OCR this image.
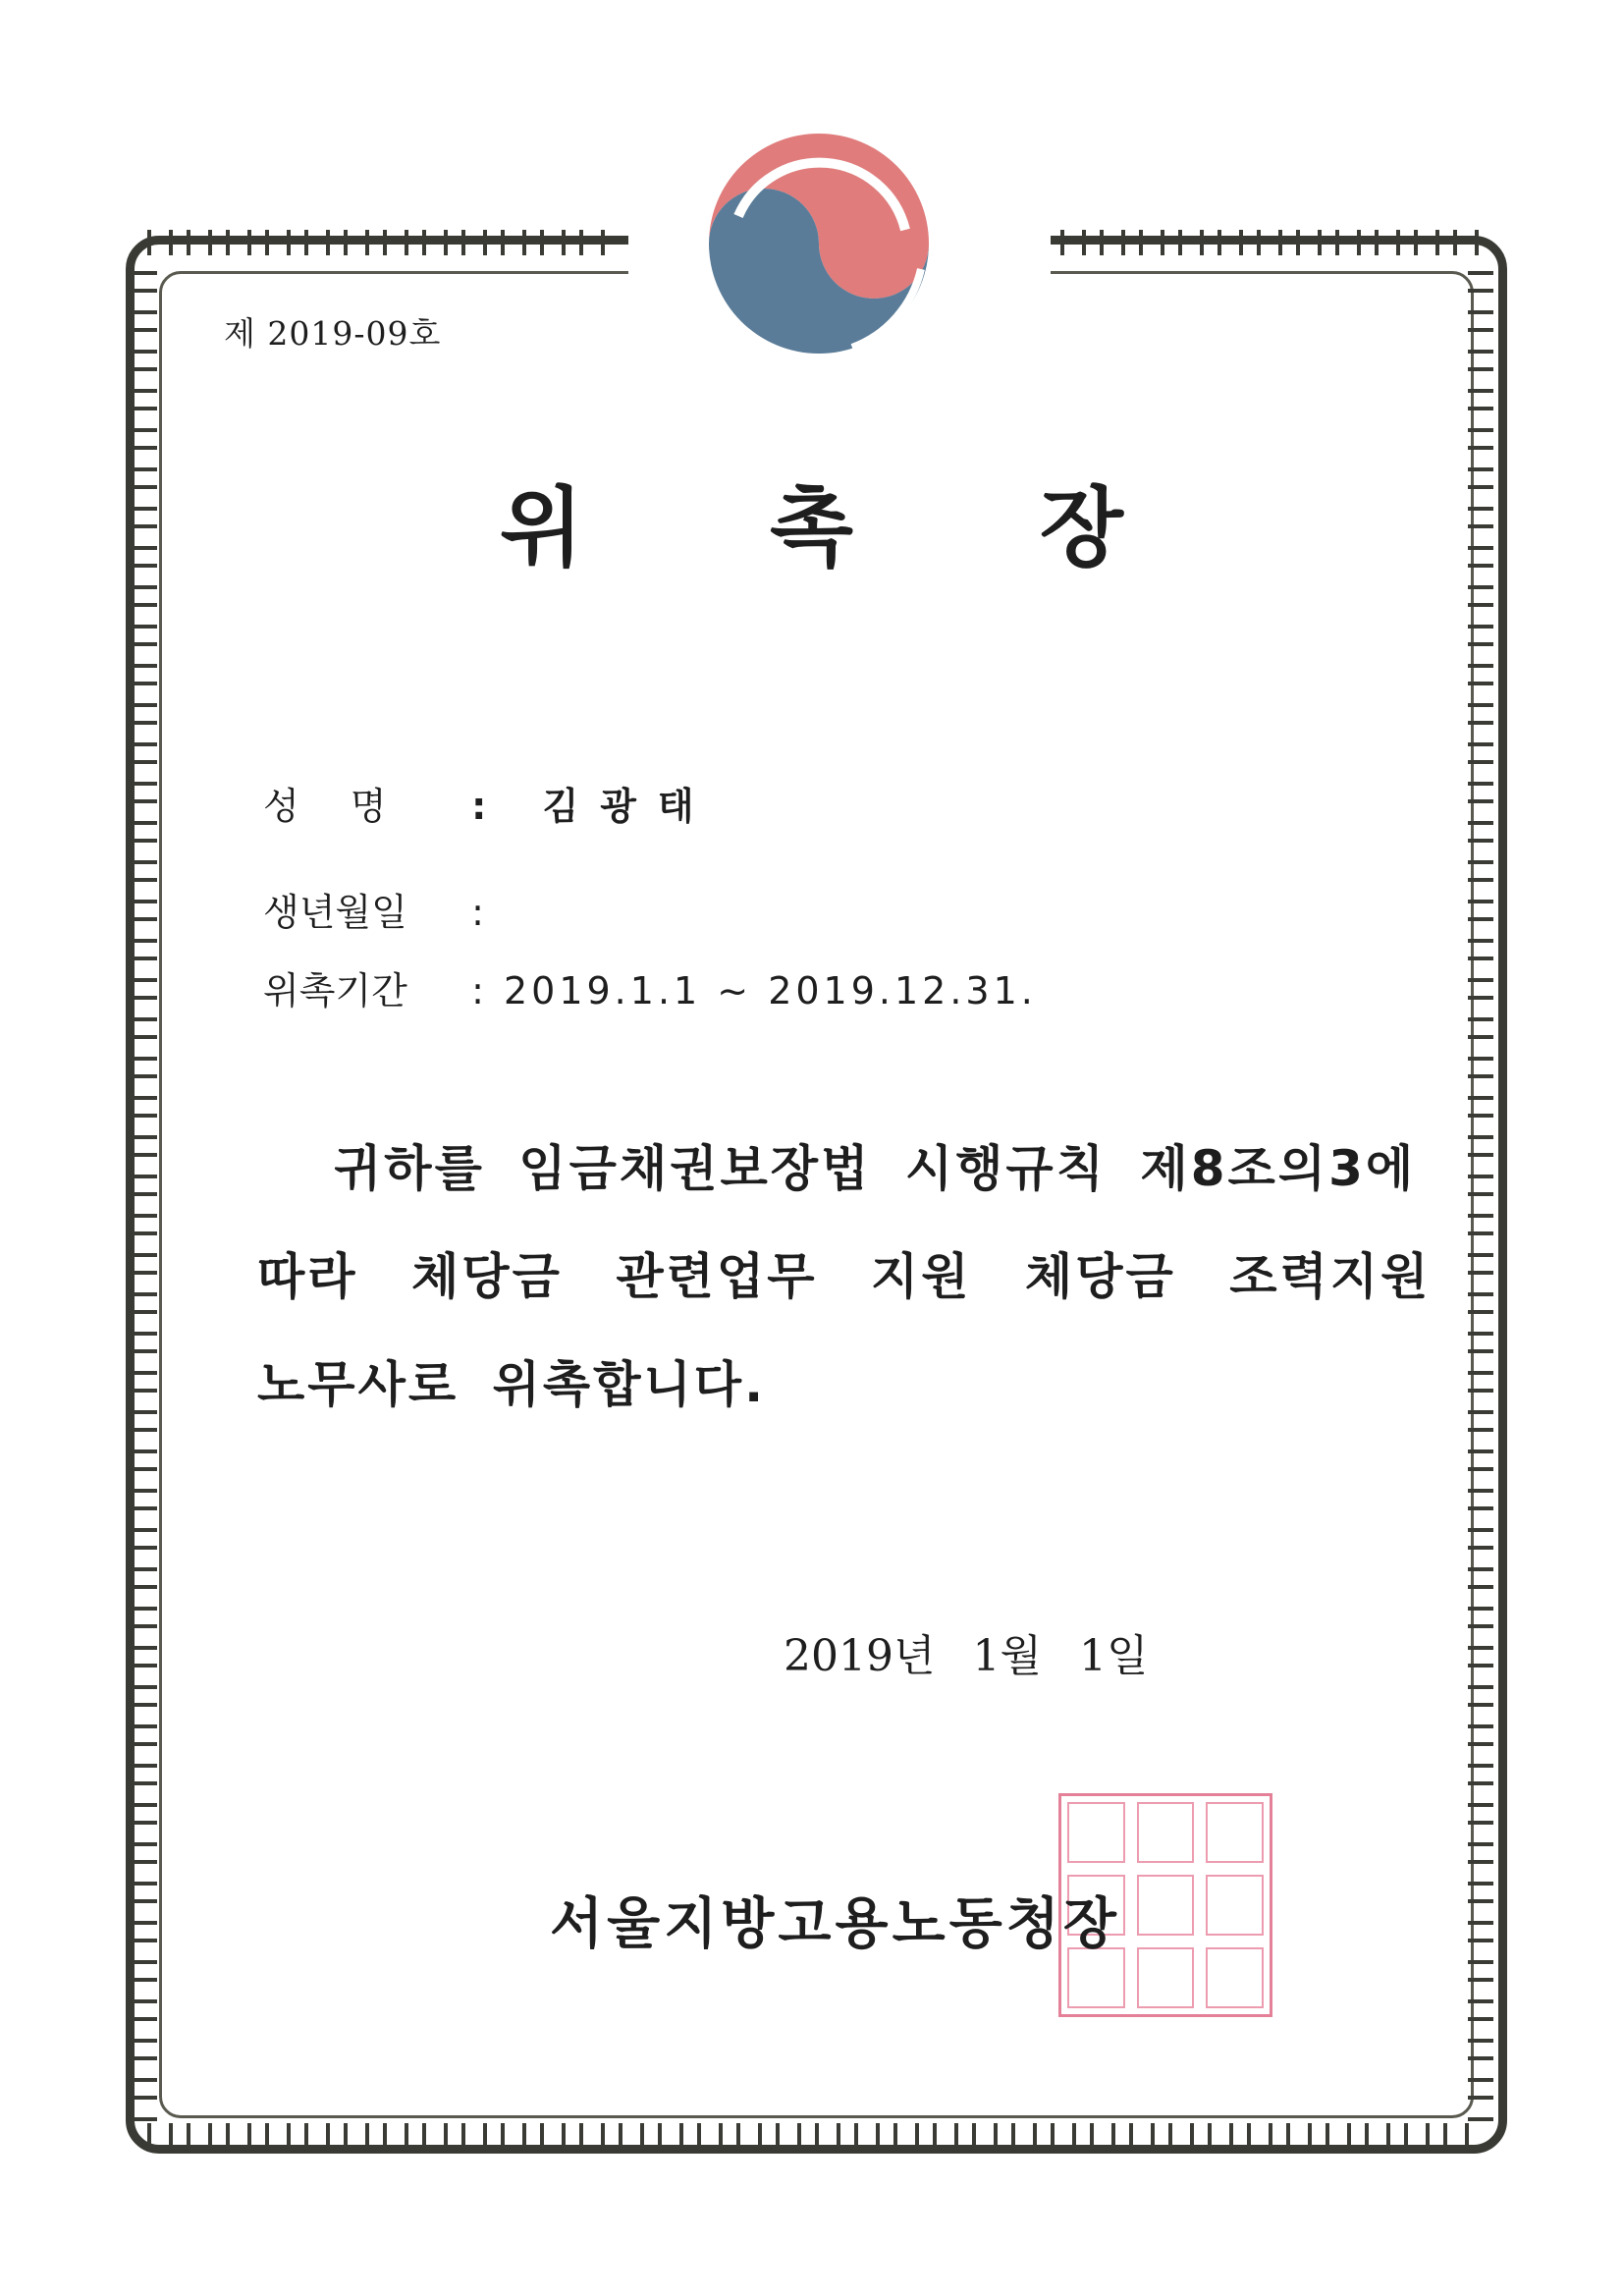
제 2019-09호
위촉장
성명 : 김광태
생년월일 :
위촉기간 : 2019.1.1 ~ 2019.12.31.
귀하를 임금채권보장법 시행규칙 제8조의3에
따라 체당금 관련업무 지원 체당금 조력지원
노무사로 위촉합니다.
2019년 1월 1일
서울지방고용노동청장
